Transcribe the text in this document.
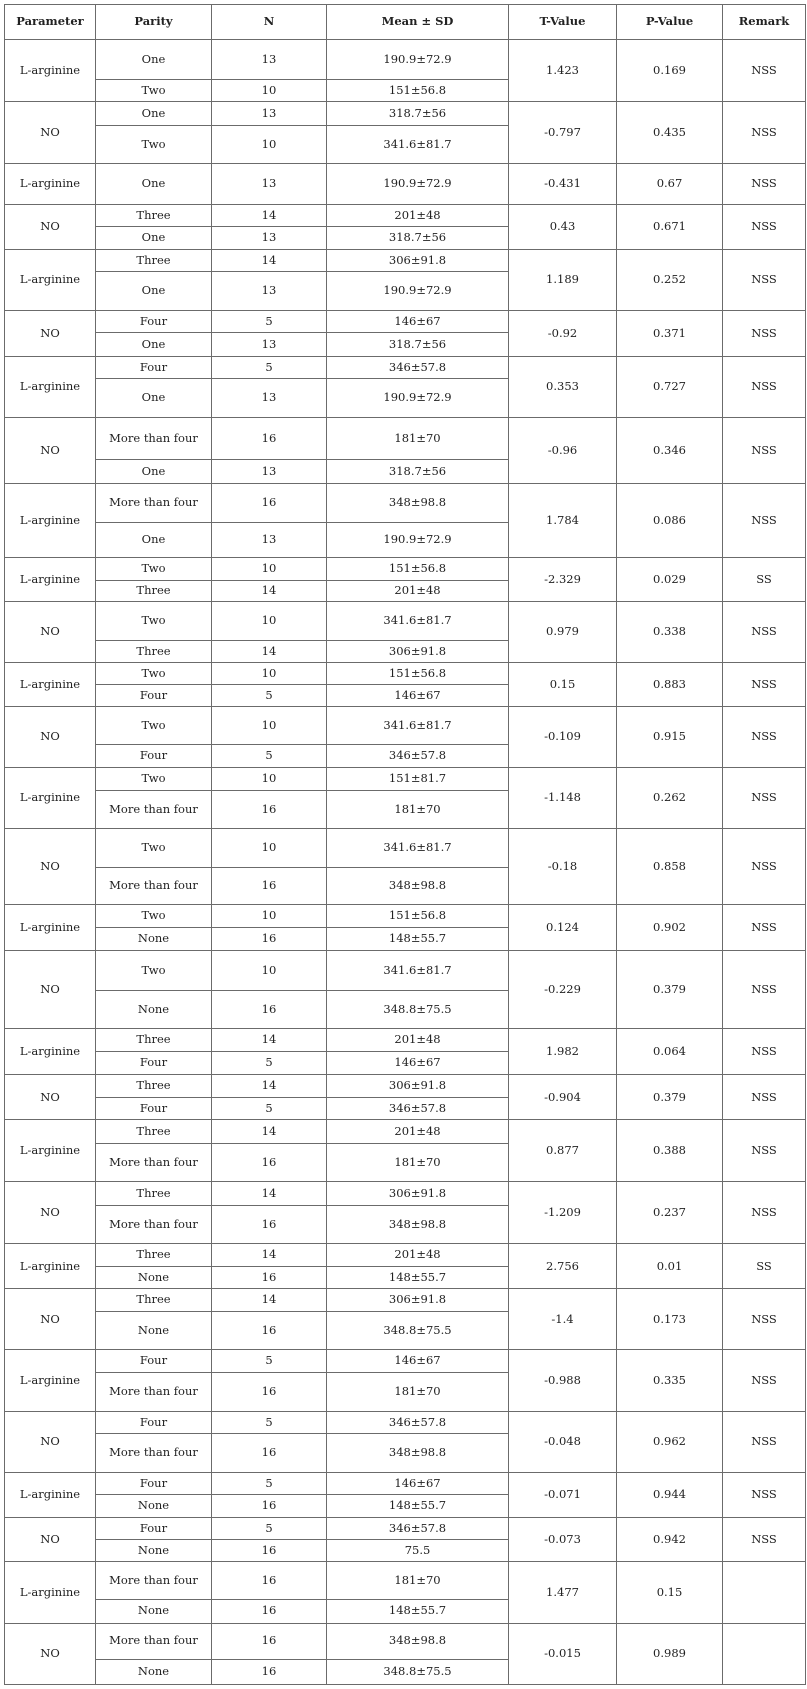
Parameter	Parity	N	Mean ± SD	T-Value	P-Value	Remark
L-arginine	One	13	190.9±72.9	1.423	0.169	NSS
	Two	10	151±56.8			
NO	One	13	318.7±56	-0.797	0.435	NSS
	Two	10	341.6±81.7			
L-arginine	One	13	190.9±72.9	-0.431	0.67	NSS
NO	Three	14	201±48	0.43	0.671	NSS
	One	13	318.7±56			
L-arginine	Three	14	306±91.8	1.189	0.252	NSS
	One	13	190.9±72.9			
NO	Four	5	146±67	-0.92	0.371	NSS
	One	13	318.7±56			
L-arginine	Four	5	346±57.8	0.353	0.727	NSS
	One	13	190.9±72.9			
NO	More than four	16	181±70	-0.96	0.346	NSS
	One	13	318.7±56			
L-arginine	More than four	16	348±98.8	1.784	0.086	NSS
	One	13	190.9±72.9			
L-arginine	Two	10	151±56.8	-2.329	0.029	SS
	Three	14	201±48			
NO	Two	10	341.6±81.7	0.979	0.338	NSS
	Three	14	306±91.8			
L-arginine	Two	10	151±56.8	0.15	0.883	NSS
	Four	5	146±67			
NO	Two	10	341.6±81.7	-0.109	0.915	NSS
	Four	5	346±57.8			
L-arginine	Two	10	151±81.7	-1.148	0.262	NSS
	More than four	16	181±70			
NO	Two	10	341.6±81.7	-0.18	0.858	NSS
	More than four	16	348±98.8			
L-arginine	Two	10	151±56.8	0.124	0.902	NSS
	None	16	148±55.7			
NO	Two	10	341.6±81.7	-0.229	0.379	NSS
	None	16	348.8±75.5			
L-arginine	Three	14	201±48	1.982	0.064	NSS
	Four	5	146±67			
NO	Three	14	306±91.8	-0.904	0.379	NSS
	Four	5	346±57.8			
L-arginine	Three	14	201±48	0.877	0.388	NSS
	More than four	16	181±70			
NO	Three	14	306±91.8	-1.209	0.237	NSS
	More than four	16	348±98.8			
L-arginine	Three	14	201±48	2.756	0.01	SS
	None	16	148±55.7			
NO	Three	14	306±91.8	-1.4	0.173	NSS
	None	16	348.8±75.5			
L-arginine	Four	5	146±67	-0.988	0.335	NSS
	More than four	16	181±70			
NO	Four	5	346±57.8	-0.048	0.962	NSS
	More than four	16	348±98.8			
L-arginine	Four	5	146±67	-0.071	0.944	NSS
	None	16	148±55.7			
NO	Four	5	346±57.8	-0.073	0.942	NSS
	None	16	75.5			
L-arginine	More than four	16	181±70	1.477	0.15	
	None	16	148±55.7			
NO	More than four	16	348±98.8	-0.015	0.989	
	None	16	348.8±75.5			
